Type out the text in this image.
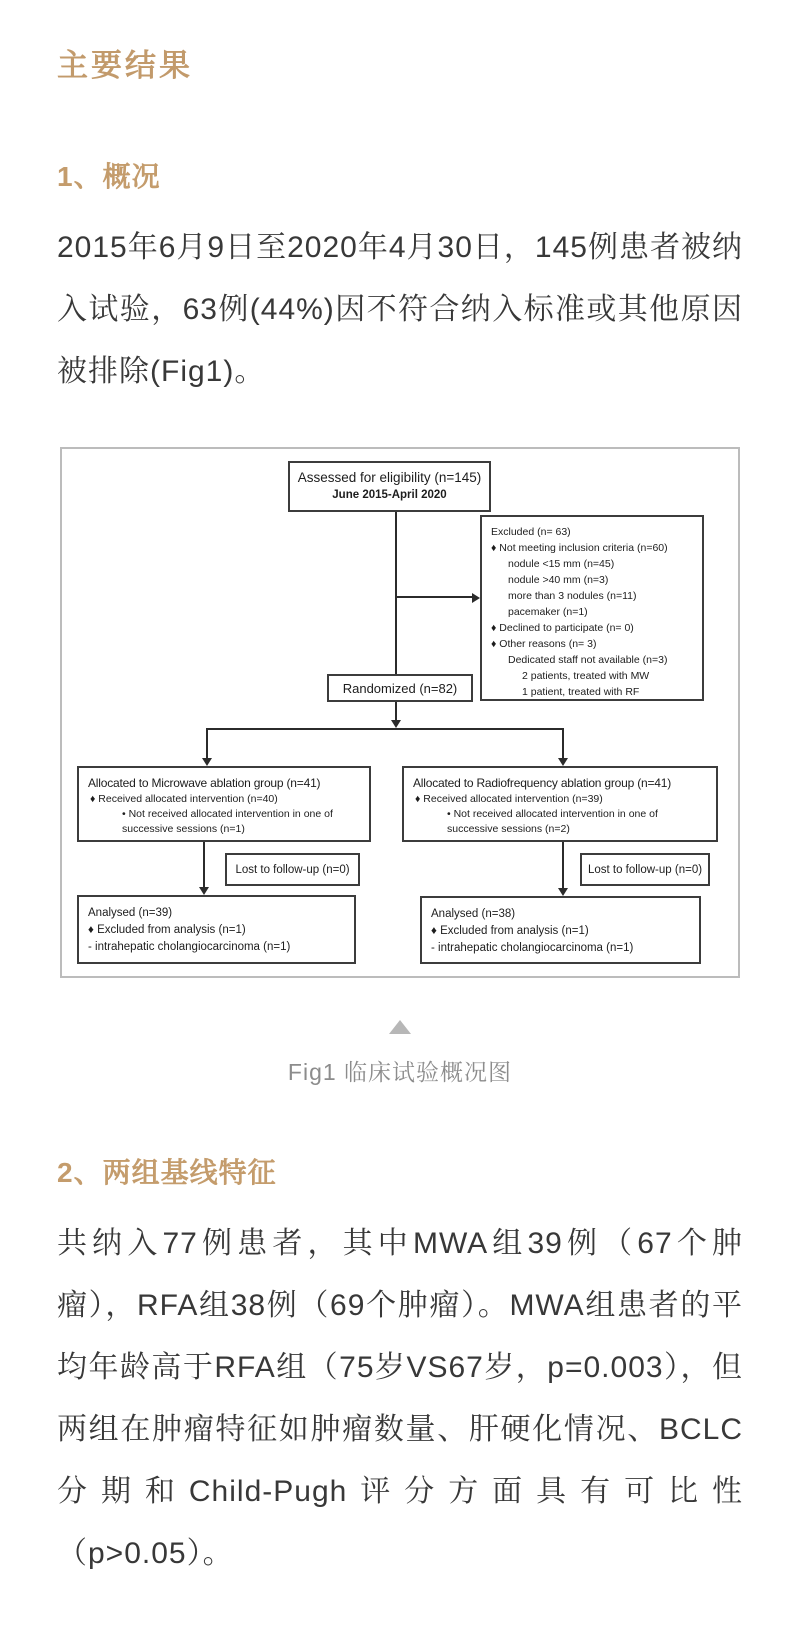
主要结果
1、概况

2015年6月9日至2020年4月30日，145例患者被纳入试验，63例(44%)因不符合纳入标准或其他原因被排除(Fig1)。

Assessed for eligibility (n=145)
June 2015-April 2020
Excluded (n= 63)
♦ Not meeting inclusion criteria (n=60)
nodule <15 mm (n=45)
nodule >40 mm (n=3)
more than 3 nodules (n=11)
pacemaker (n=1)
♦ Declined to participate (n= 0)
♦ Other reasons (n= 3)
Dedicated staff not available (n=3)
2 patients, treated with MW
1 patient, treated with RF
Randomized (n=82)
Allocated to Microwave ablation group (n=41)
♦ Received allocated intervention (n=40)
• Not received allocated intervention in one of successive sessions (n=1)
Allocated to Radiofrequency ablation group (n=41)
♦ Received allocated intervention (n=39)
• Not received allocated intervention in one of successive sessions (n=2)
Lost to follow-up (n=0)	Lost to follow-up (n=0)
Analysed (n=39)
♦ Excluded from analysis (n=1)
- intrahepatic cholangiocarcinoma (n=1)
Analysed (n=38)
♦ Excluded from analysis (n=1)
- intrahepatic cholangiocarcinoma (n=1)
Fig1 临床试验概况图
2、两组基线特征

共纳入77例患者，其中MWA组39例（67个肿瘤），RFA组38例（69个肿瘤）。MWA组患者的平均年龄高于RFA组（75岁VS67岁，p=0.003），但两组在肿瘤特征如肿瘤数量、肝硬化情况、BCLC分期和Child-Pugh评分方面具有可比性（p>0.05）。
